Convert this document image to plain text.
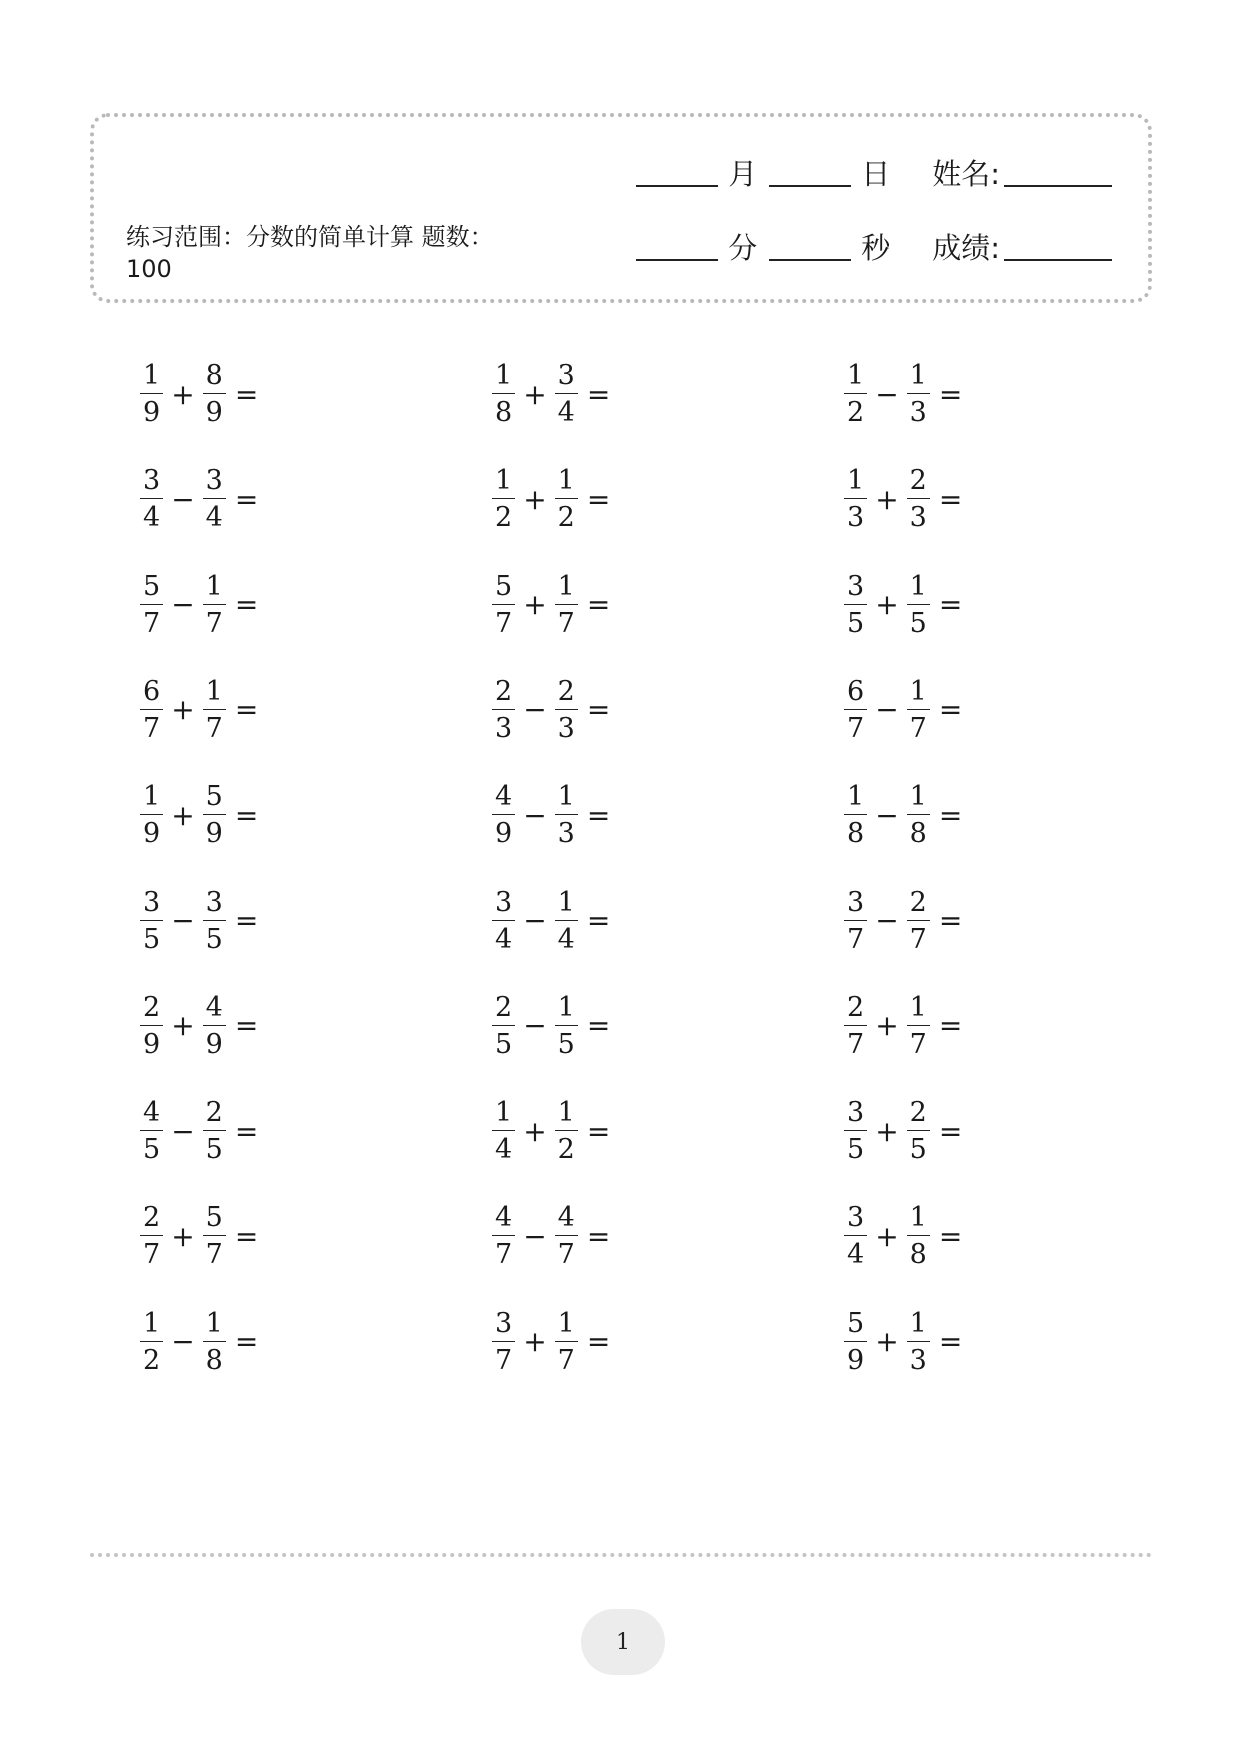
练习范围：分数的简单计算 题数：100
月	日 姓名:
分	秒 成绩:
$\frac{1}{9} + \frac{8}{9}$ =	$\frac{1}{8} + \frac{3}{4}$ =	$\frac{1}{2} - \frac{1}{3}$ =
$\frac{3}{4} - \frac{3}{4}$ =	$\frac{1}{2} + \frac{1}{2}$ =	$\frac{1}{3} + \frac{2}{3}$ =
$\frac{5}{7} - \frac{1}{7}$ =	$\frac{5}{7} + \frac{1}{7}$ =	$\frac{3}{5} + \frac{1}{5}$ =
$\frac{6}{7} + \frac{1}{7}$ =	$\frac{2}{3} - \frac{2}{3}$ =	$\frac{6}{7} - \frac{1}{7}$ =
$\frac{1}{9} + \frac{5}{9}$ =	$\frac{4}{9} - \frac{1}{3}$ =	$\frac{1}{8} - \frac{1}{8}$ =
$\frac{3}{5} - \frac{3}{5}$ =	$\frac{3}{4} - \frac{1}{4}$ =	$\frac{3}{7} - \frac{2}{7}$ =
$\frac{2}{9} + \frac{4}{9}$ =	$\frac{2}{5} - \frac{1}{5}$ =	$\frac{2}{7} + \frac{1}{7}$ =
$\frac{4}{5} - \frac{2}{5}$ =	$\frac{1}{4} + \frac{1}{2}$ =	$\frac{3}{5} + \frac{2}{5}$ =
$\frac{2}{7} + \frac{5}{7}$ =	$\frac{4}{7} - \frac{4}{7}$ =	$\frac{3}{4} + \frac{1}{8}$ =
$\frac{1}{2} - \frac{1}{8}$ =	$\frac{3}{7} + \frac{1}{7}$ =	$\frac{5}{9} + \frac{1}{3}$ =
1
